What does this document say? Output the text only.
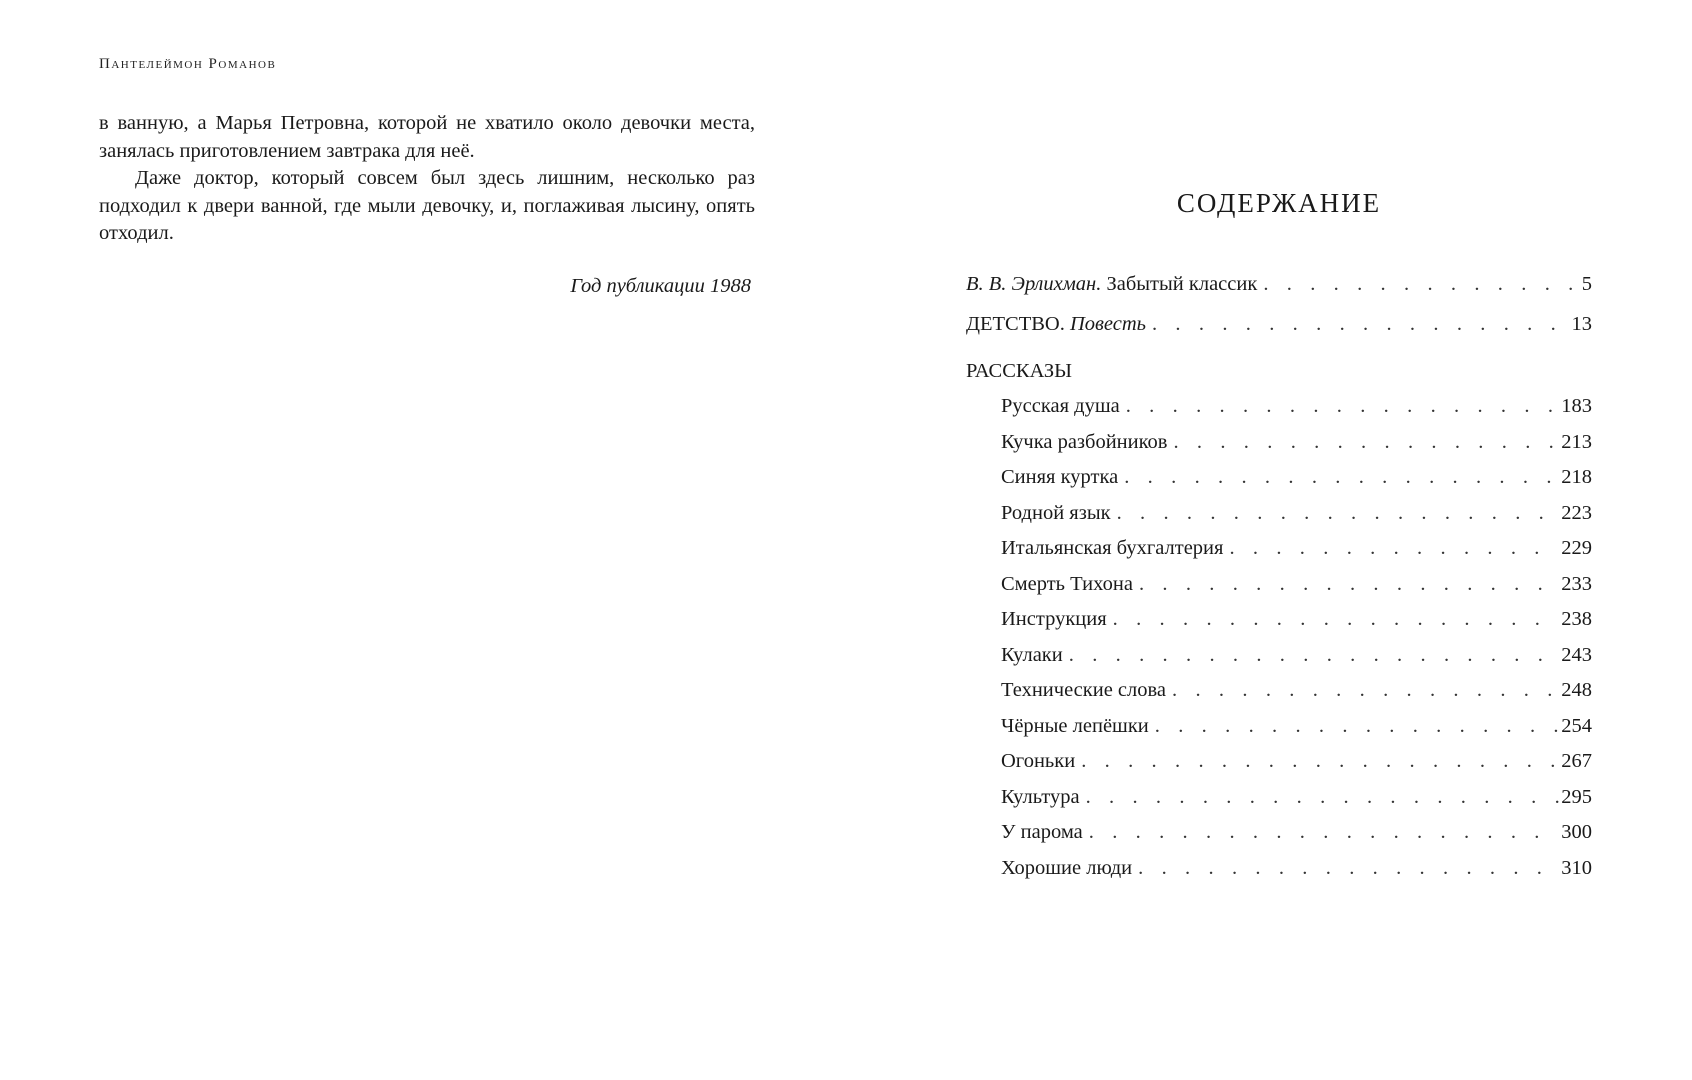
Пантелеймон Романов

в ванную, а Марья Петровна, которой не хватило около девочки места, занялась приготовлением завтрака для неё.

Даже доктор, который совсем был здесь лишним, несколько раз подходил к двери ванной, где мыли девочку, и, поглаживая лысину, опять отходил.

Год публикации 1988
СОДЕРЖАНИЕ
В. В. Эрлихман. Забытый классик . . .	5
ДЕТСТВО. Повесть . . .	13
РАССКАЗЫ
Русская душа . . .	183
Кучка разбойников . . .	213
Синяя куртка . . .	218
Родной язык . . .	223
Итальянская бухгалтерия . . .	229
Смерть Тихона . . .	233
Инструкция . . .	238
Кулаки . . .	243
Технические слова . . .	248
Чёрные лепёшки . . .	254
Огоньки . . .	267
Культура . . .	295
У парома . . .	300
Хорошие люди . . .	310
